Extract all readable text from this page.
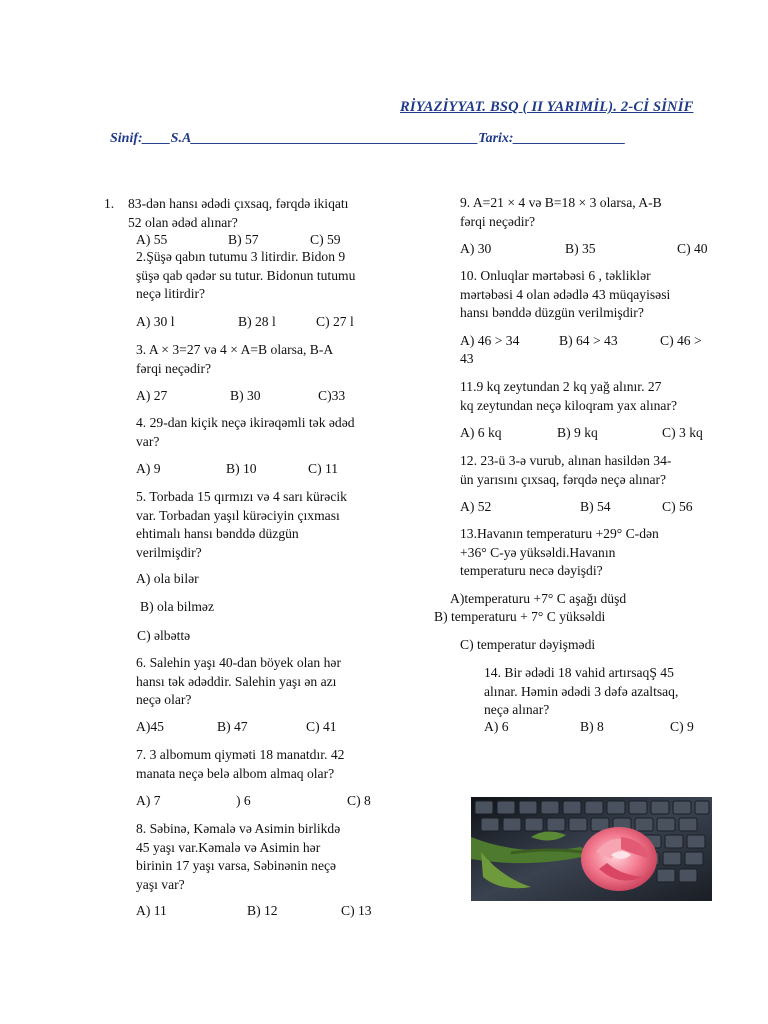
RİYAZİYYAT. BSQ ( II YARIMİL). 2-Cİ SİNİF
Sinif:____S.A_________________________________________Tarix:________________
1. 83-dən hansı ədədi çıxsaq, fərqdə ikiqatı
52 olan ədəd alınar?
A) 55	B) 57	C) 59
2.Şüşə qabın tutumu 3 litirdir. Bidon 9
şüşə qab qədər su tutur. Bidonun tutumu
neçə litirdir?
A) 30 l	B) 28 l	C) 27 l
3. A × 3=27 və 4 × A=B olarsa, B-A
fərqi neçədir?
A) 27	B) 30	C)33
4. 29-dan kiçik neçə ikirəqəmli tək ədəd
var?
A) 9	B) 10	C) 11
5. Torbada 15 qırmızı və 4 sarı kürəcik
var. Torbadan yaşıl kürəciyin çıxması
ehtimalı hansı bənddə düzgün
verilmişdir?
A) ola bilər
B) ola bilməz
C) əlbəttə
6. Salehin yaşı 40-dan böyek olan hər
hansı tək ədəddir. Salehin yaşı ən azı
neçə olar?
A)45	B) 47	C) 41
7. 3 albomum qiyməti 18 manatdır. 42
manata neçə belə albom almaq olar?
A) 7	) 6	C) 8
8. Səbinə, Kəmalə və Asimin birlikdə
45 yaşı var.Kəmalə və Asimin hər
birinin 17 yaşı varsa, Səbinənin neçə
yaşı var?
A) 11	B) 12	C) 13
9. A=21 × 4 və B=18 × 3 olarsa, A-B
fərqi neçədir?
A) 30	B) 35	C) 40
10. Onluqlar mərtəbəsi 6 , təkliklər
mərtəbəsi 4 olan ədədlə 43 müqayisəsi
hansı bənddə düzgün verilmişdir?
A) 46 > 34	B) 64 > 43	C) 46 >
43
11.9 kq zeytundan 2 kq yağ alınır. 27
kq zeytundan neçə kiloqram yax alınar?
A) 6 kq	B) 9 kq	C) 3 kq
12. 23-ü 3-ə vurub, alınan hasildən 34-
ün yarısını çıxsaq, fərqdə neçə alınar?
A) 52	B) 54	C) 56
13.Havanın temperaturu +29° C-dən
+36° C-yə yüksəldi.Havanın
temperaturu necə dəyişdi?
A)temperaturu +7° C aşağı düşd
B) temperaturu + 7° C yüksəldi
C) temperatur dəyişmədi
14. Bir ədədi 18 vahid artırsaqŞ 45
alınar. Həmin ədədi 3 dəfə azaltsaq,
neçə alınar?
A) 6	B) 8	C) 9
